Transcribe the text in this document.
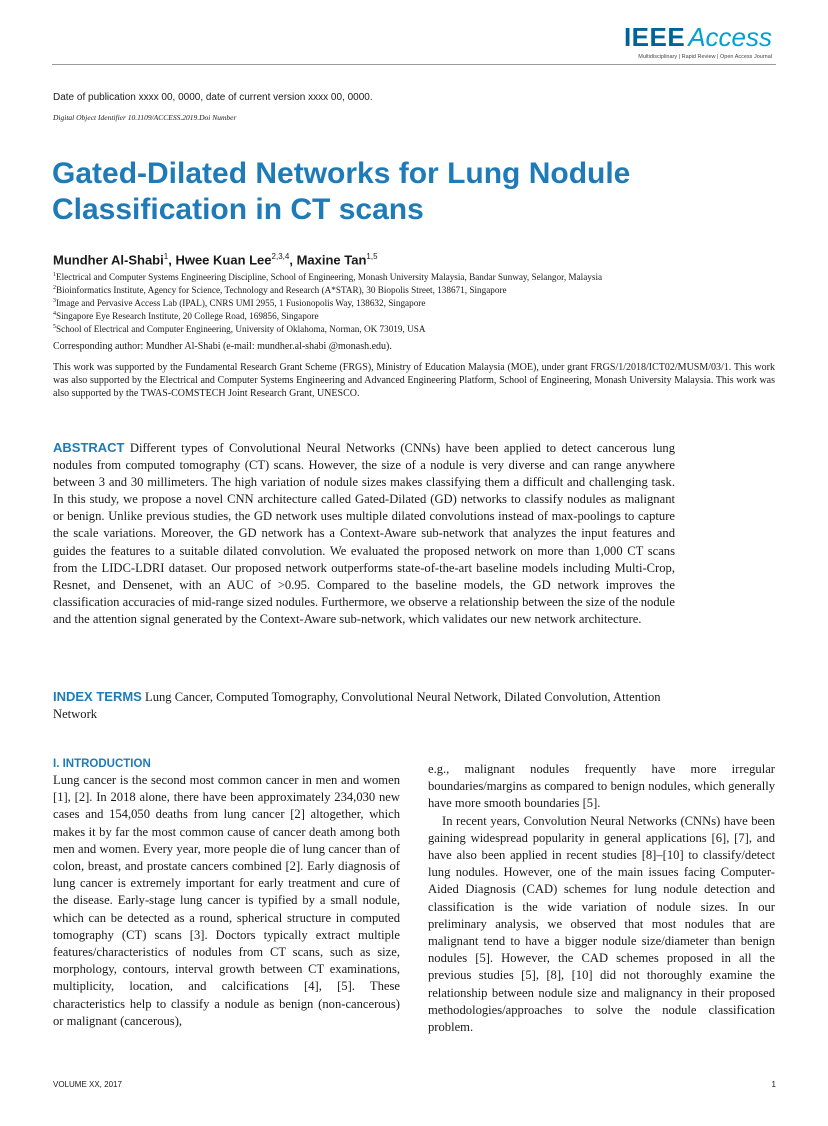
IEEE Access
Multidisciplinary | Rapid Review | Open Access Journal
Date of publication xxxx 00, 0000, date of current version xxxx 00, 0000.
Digital Object Identifier 10.1109/ACCESS.2019.Doi Number
Gated-Dilated Networks for Lung Nodule Classification in CT scans
Mundher Al-Shabi$^1$, Hwee Kuan Lee$^{2,3,4}$, Maxine Tan$^{1,5}$
$^1$Electrical and Computer Systems Engineering Discipline, School of Engineering, Monash University Malaysia, Bandar Sunway, Selangor, Malaysia
$^2$Bioinformatics Institute, Agency for Science, Technology and Research (A*STAR), 30 Biopolis Street, 138671, Singapore
$^3$Image and Pervasive Access Lab (IPAL), CNRS UMI 2955, 1 Fusionopolis Way, 138632, Singapore
$^4$Singapore Eye Research Institute, 20 College Road, 169856, Singapore
$^5$School of Electrical and Computer Engineering, University of Oklahoma, Norman, OK 73019, USA
Corresponding author: Mundher Al-Shabi (e-mail: mundher.al-shabi @monash.edu).
This work was supported by the Fundamental Research Grant Scheme (FRGS), Ministry of Education Malaysia (MOE), under grant FRGS/1/2018/ICT02/MUSM/03/1. This work was also supported by the Electrical and Computer Systems Engineering and Advanced Engineering Platform, School of Engineering, Monash University Malaysia. This work was also supported by the TWAS-COMSTECH Joint Research Grant, UNESCO.
ABSTRACT Different types of Convolutional Neural Networks (CNNs) have been applied to detect cancerous lung nodules from computed tomography (CT) scans. However, the size of a nodule is very diverse and can range anywhere between 3 and 30 millimeters. The high variation of nodule sizes makes classifying them a difficult and challenging task. In this study, we propose a novel CNN architecture called Gated-Dilated (GD) networks to classify nodules as malignant or benign. Unlike previous studies, the GD network uses multiple dilated convolutions instead of max-poolings to capture the scale variations. Moreover, the GD network has a Context-Aware sub-network that analyzes the input features and guides the features to a suitable dilated convolution. We evaluated the proposed network on more than 1,000 CT scans from the LIDC-LDRI dataset. Our proposed network outperforms state-of-the-art baseline models including Multi-Crop, Resnet, and Densenet, with an AUC of >0.95. Compared to the baseline models, the GD network improves the classification accuracies of mid-range sized nodules. Furthermore, we observe a relationship between the size of the nodule and the attention signal generated by the Context-Aware sub-network, which validates our new network architecture.
INDEX TERMS Lung Cancer, Computed Tomography, Convolutional Neural Network, Dilated Convolution, Attention Network
I. INTRODUCTION
Lung cancer is the second most common cancer in men and women [1], [2]. In 2018 alone, there have been approximately 234,030 new cases and 154,050 deaths from lung cancer [2] altogether, which makes it by far the most common cause of cancer death among both men and women. Every year, more people die of lung cancer than of colon, breast, and prostate cancers combined [2]. Early diagnosis of lung cancer is extremely important for early treatment and cure of the disease. Early-stage lung cancer is typified by a small nodule, which can be detected as a round, spherical structure in computed tomography (CT) scans [3]. Doctors typically extract multiple features/characteristics of nodules from CT scans, such as size, morphology, contours, interval growth between CT examinations, multiplicity, location, and calcifications [4], [5]. These characteristics help to classify a nodule as benign (non-cancerous) or malignant (cancerous),
e.g., malignant nodules frequently have more irregular boundaries/margins as compared to benign nodules, which generally have more smooth boundaries [5].
In recent years, Convolution Neural Networks (CNNs) have been gaining widespread popularity in general applications [6], [7], and have also been applied in recent studies [8]–[10] to classify/detect lung nodules. However, one of the main issues facing Computer-Aided Diagnosis (CAD) schemes for lung nodule detection and classification is the wide variation of nodule sizes. In our preliminary analysis, we observed that most nodules that are malignant tend to have a bigger nodule size/diameter than benign nodules [5]. However, the CAD schemes proposed in all the previous studies [5], [8], [10] did not thoroughly examine the relationship between nodule size and malignancy in their proposed methodologies/approaches to solve the nodule classification problem.
VOLUME XX, 2017	1
